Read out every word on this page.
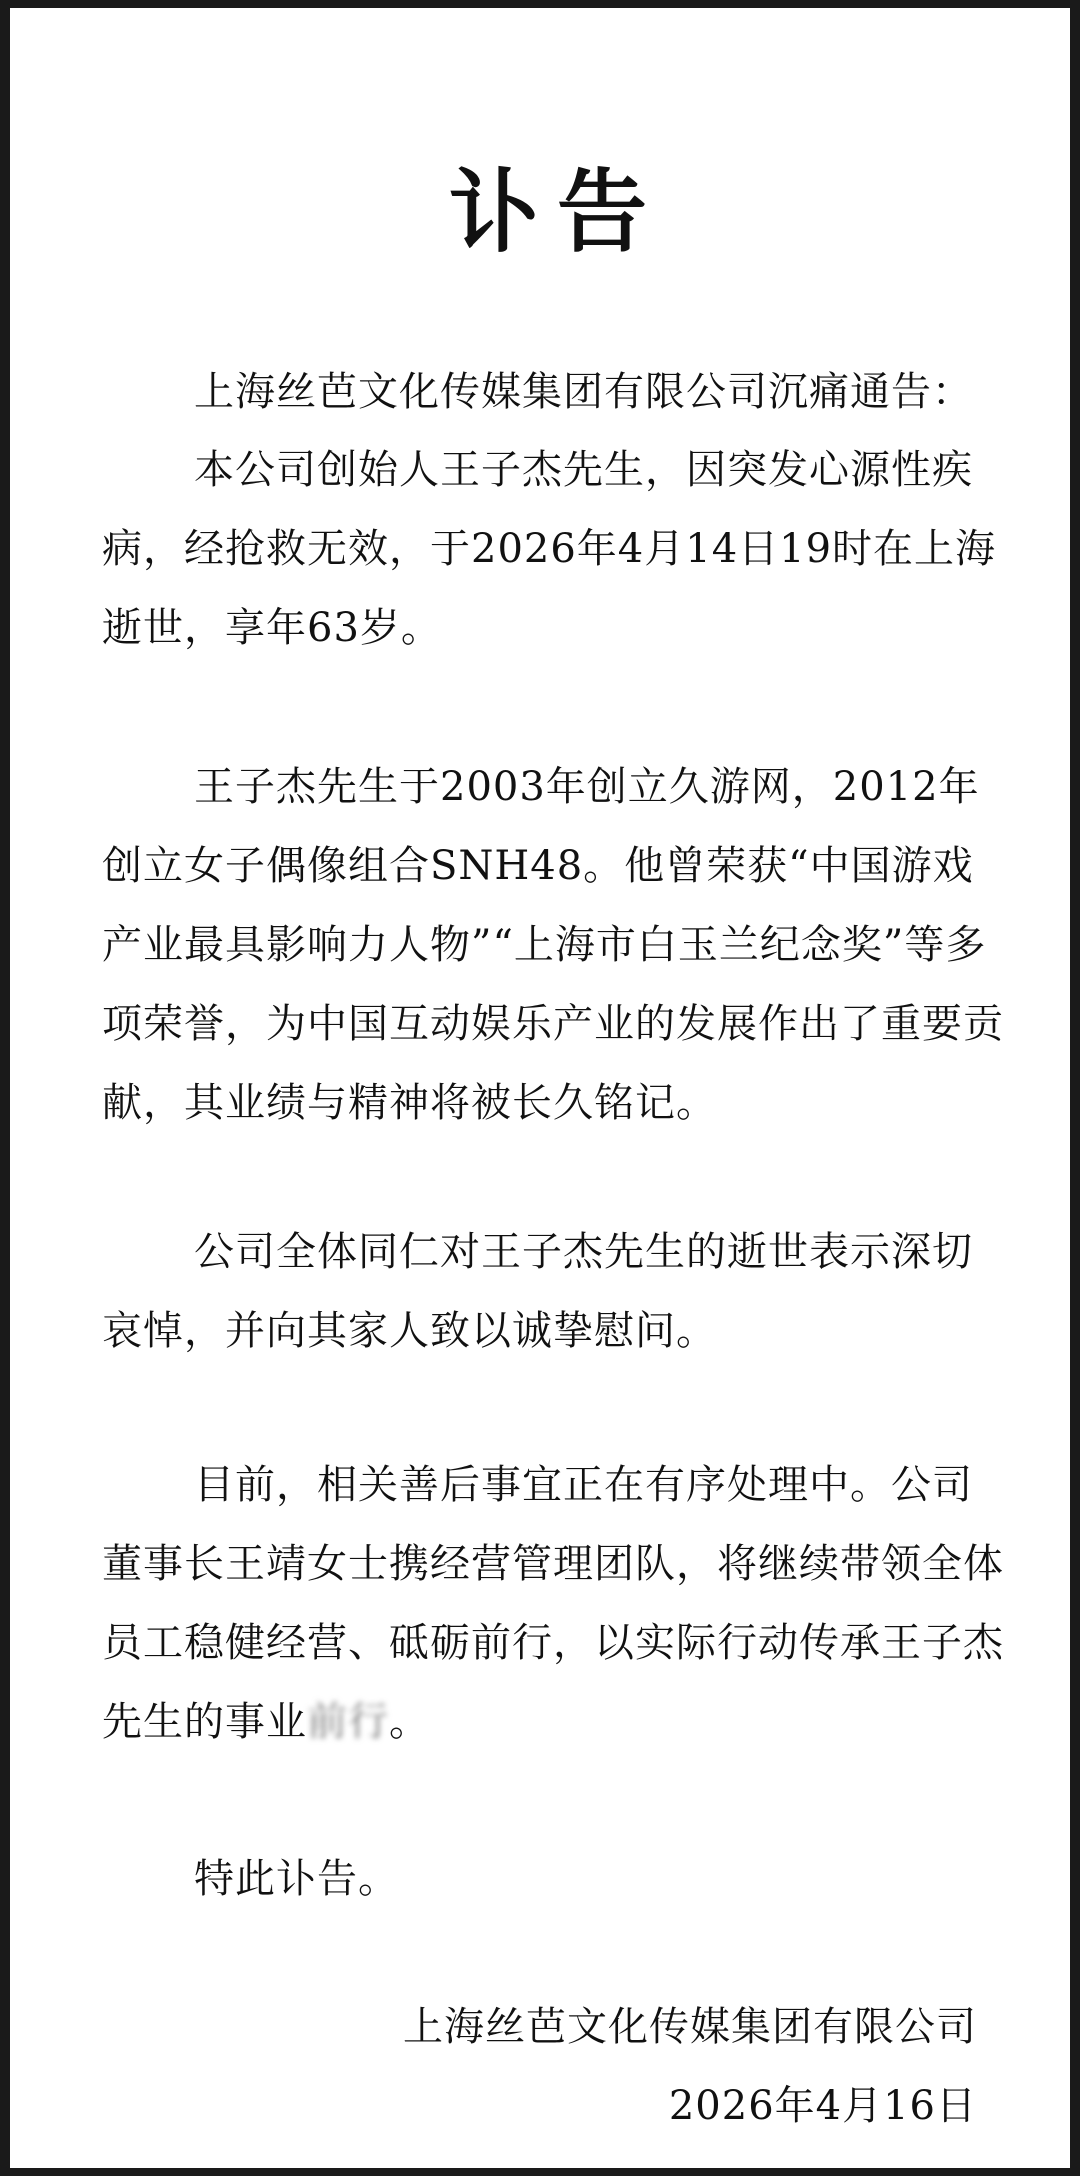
讣告

上海丝芭文化传媒集团有限公司沉痛通告：

本公司创始人王子杰先生，因突发心源性疾病，经抢救无效，于2026年4月14日19时在上海逝世，享年63岁。

王子杰先生于2003年创立久游网，2012年创立女子偶像组合SNH48。他曾荣获“中国游戏产业最具影响力人物”“上海市白玉兰纪念奖”等多项荣誉，为中国互动娱乐产业的发展作出了重要贡献，其业绩与精神将被长久铭记。

公司全体同仁对王子杰先生的逝世表示深切哀悼，并向其家人致以诚挚慰问。

目前，相关善后事宜正在有序处理中。公司董事长王靖女士携经营管理团队，将继续带领全体员工稳健经营、砥砺前行，以实际行动传承王子杰先生的事业前行。

特此讣告。

上海丝芭文化传媒集团有限公司

2026年4月16日
